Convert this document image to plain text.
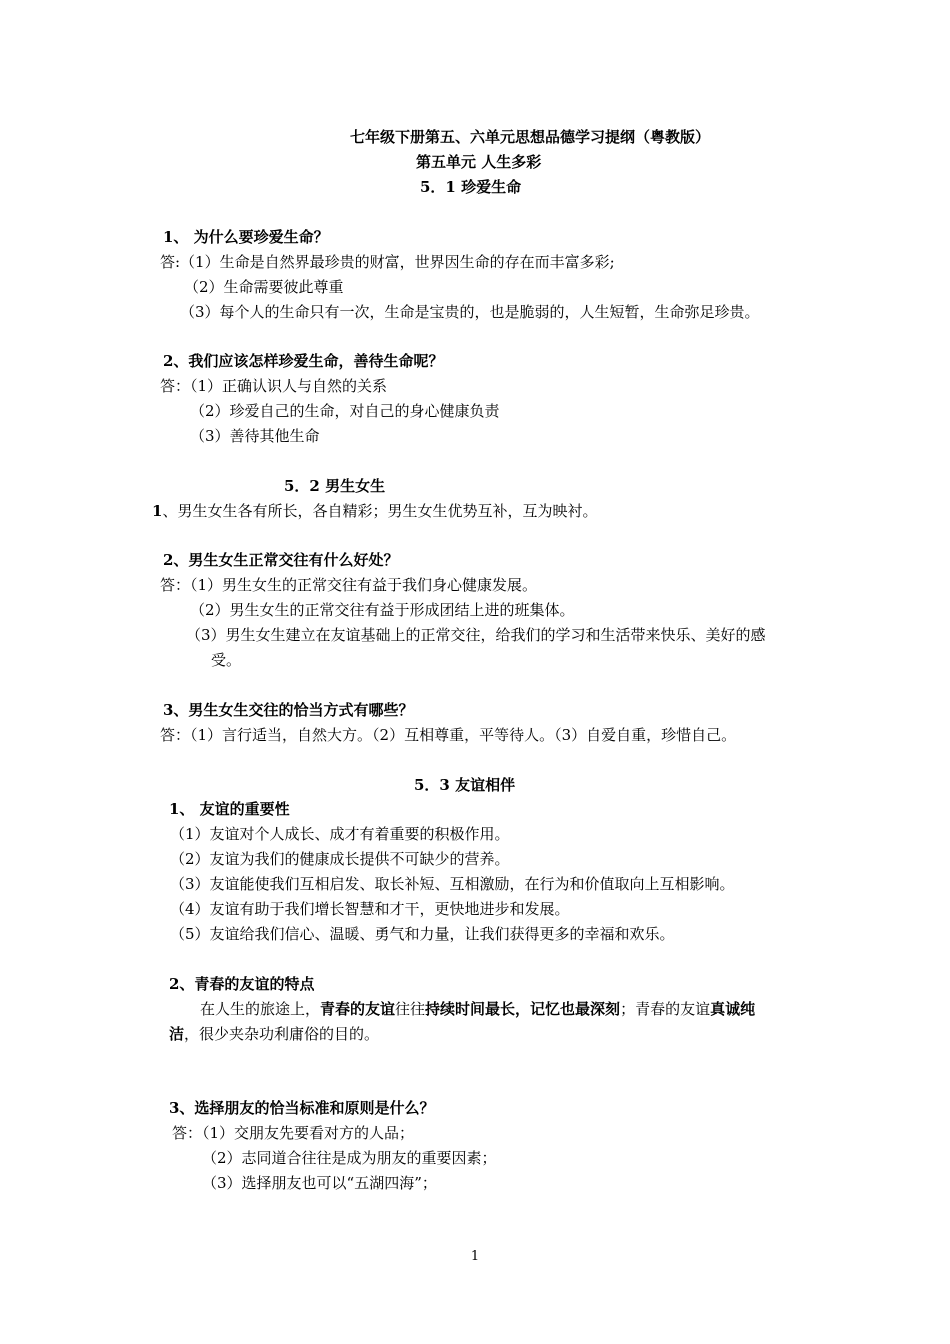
七年级下册第五、六单元思想品德学习提纲（粤教版）
第五单元 人生多彩
5．1 珍爱生命
1、 为什么要珍爱生命？
答:（1）生命是自然界最珍贵的财富，世界因生命的存在而丰富多彩;
（2）生命需要彼此尊重
（3）每个人的生命只有一次，生命是宝贵的，也是脆弱的，人生短暂，生命弥足珍贵。
2、我们应该怎样珍爱生命，善待生命呢？
答：（1）正确认识人与自然的关系
（2）珍爱自己的生命，对自己的身心健康负责
（3）善待其他生命
5．2 男生女生
1、男生女生各有所长，各自精彩；男生女生优势互补，互为映衬。
2、男生女生正常交往有什么好处？
答：（1）男生女生的正常交往有益于我们身心健康发展。
（2）男生女生的正常交往有益于形成团结上进的班集体。
（3）男生女生建立在友谊基础上的正常交往，给我们的学习和生活带来快乐、美好的感
受。
3、男生女生交往的恰当方式有哪些？
答：（1）言行适当，自然大方。（2）互相尊重，平等待人。（3）自爱自重，珍惜自己。
5．3 友谊相伴
1、 友谊的重要性
（1）友谊对个人成长、成才有着重要的积极作用。
（2）友谊为我们的健康成长提供不可缺少的营养。
（3）友谊能使我们互相启发、取长补短、互相激励，在行为和价值取向上互相影响。
（4）友谊有助于我们增长智慧和才干，更快地进步和发展。
（5）友谊给我们信心、温暖、勇气和力量，让我们获得更多的幸福和欢乐。
2、青春的友谊的特点
在人生的旅途上，青春的友谊往往持续时间最长，记忆也最深刻；青春的友谊真诚纯
洁，很少夹杂功利庸俗的目的。
3、选择朋友的恰当标准和原则是什么？
答：（1）交朋友先要看对方的人品；
（2）志同道合往往是成为朋友的重要因素；
（3）选择朋友也可以“五湖四海”；
1
